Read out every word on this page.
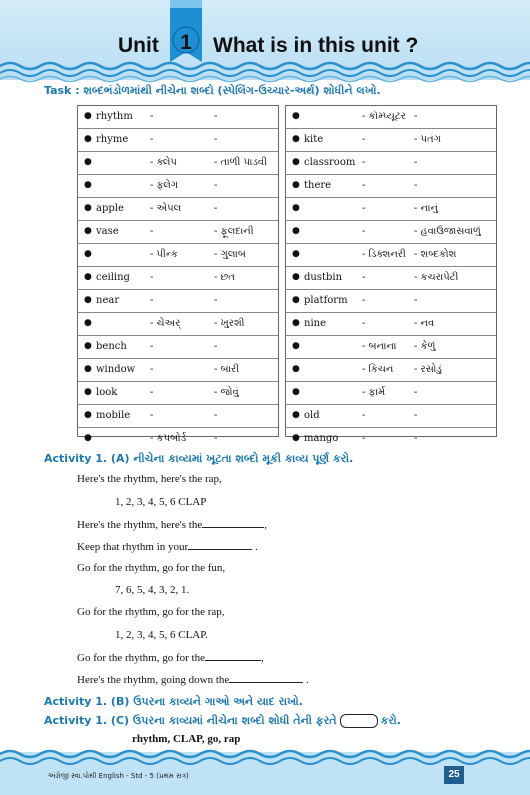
Unit	1	What is in this unit ?
Task : શબ્દભંડોળમાંથી નીચેના શબ્દો (સ્પેલિંગ-ઉચ્ચાર-અર્થ) શોધીને લખો.
● rhythm -	-
● rhyme -	-
●	- ક્લેપ	- તાળી પાડવી
●	- ફ્લેગ	-
● apple	- એપલ	-
● vase	-	- ફૂલદાની
●	- પીન્ક	- ગુલાબ
● ceiling -	- છત
● near	-	-
●	- ચેઅર્	- ખુરશી
● bench -	-
● window -	- બારી
● look	-	- જોવું
● mobile -	-
●	- કપબોર્ડ	-
●	- કૉમ્પ્યૂટર -
● kite	-	- પતંગ
● classroom -	-
● there	-	-
●	-	- નાનું
●	-	- હવાઉજાસવાળું
●	- ડિક્શનરી - શબ્દકોશ
● dustbin -	- કચરાપેટી
● platform -	-
● nine	-	- નવ
●	- બનાના - કેળું
●	- કિચન - રસોડું
●	- ફાર્મ	-
● old	-	-
● mango -	-
Activity 1. (A) નીચેના કાવ્યમાં ખૂટતા શબ્દો મૂકી કાવ્ય પૂર્ણ કરો.
Here's the rhythm, here's the rap,
1, 2, 3, 4, 5, 6 CLAP
Here's the rhythm, here's the	,
Keep that rhythm in your	.
Go for the rhythm, go for the fun,
7, 6, 5, 4, 3, 2, 1.
Go for the rhythm, go for the rap,
1, 2, 3, 4, 5, 6 CLAP.
Go for the rhythm, go for the	,
Here's the rhythm, going down the	.
Activity 1. (B) ઉપરના કાવ્યને ગાઓ અને યાદ રાખો.
Activity 1. (C) ઉપરના કાવ્યમાં નીચેના શબ્દો શોધી તેની ફરતે	કરો.
rhythm, CLAP, go, rap
અંગ્રેજી સ્વા.પોથી English - Std - 5 (પ્રથમ સત્ર)	25
